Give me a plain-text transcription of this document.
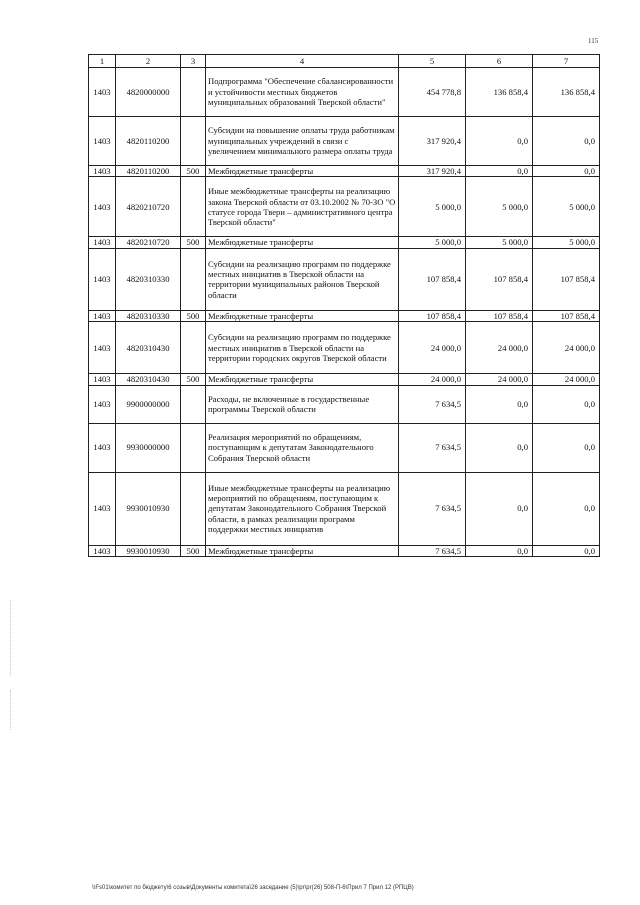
115
1	2	3	4	5	6	7
1403	4820000000		Подпрограмма "Обеспечение сбалансированности и устойчивости местных бюджетов муниципальных образований Тверской области"	454 778,8	136 858,4	136 858,4
1403	4820110200		Субсидии на повышение оплаты труда работникам муниципальных учреждений в связи с увеличением минимального размера оплаты труда	317 920,4	0,0	0,0
1403	4820110200	500	Межбюджетные трансферты	317 920,4	0,0	0,0
1403	4820210720		Иные межбюджетные трансферты на реализацию закона Тверской области от 03.10.2002 № 70-ЗО "О статусе города Твери – административного центра Тверской области"	5 000,0	5 000,0	5 000,0
1403	4820210720	500	Межбюджетные трансферты	5 000,0	5 000,0	5 000,0
1403	4820310330		Субсидии на реализацию программ по поддержке местных инициатив в Тверской области на территории муниципальных районов Тверской области	107 858,4	107 858,4	107 858,4
1403	4820310330	500	Межбюджетные трансферты	107 858,4	107 858,4	107 858,4
1403	4820310430		Субсидии на реализацию программ по поддержке местных инициатив в Тверской области на территории городских округов Тверской области	24 000,0	24 000,0	24 000,0
1403	4820310430	500	Межбюджетные трансферты	24 000,0	24 000,0	24 000,0
1403	9900000000		Расходы, не включенные в государственные программы Тверской области	7 634,5	0,0	0,0
1403	9930000000		Реализация мероприятий по обращениям, поступающим к депутатам Законодательного Собрания Тверской области	7 634,5	0,0	0,0
1403	9930010930		Иные межбюджетные трансферты на реализацию мероприятий по обращениям, поступающим к депутатам Законодательного Собрания Тверской области, в рамках реализации программ поддержки местных инициатив	7 634,5	0,0	0,0
1403	9930010930	500	Межбюджетные трансферты	7 634,5	0,0	0,0
\\Fs01\комитет по бюджету\6 созыв\Документы комитета\26 заседание (5)\pr\pr(26) 508-П-6\Прил 7 Прил 12 (РПЦВ)
